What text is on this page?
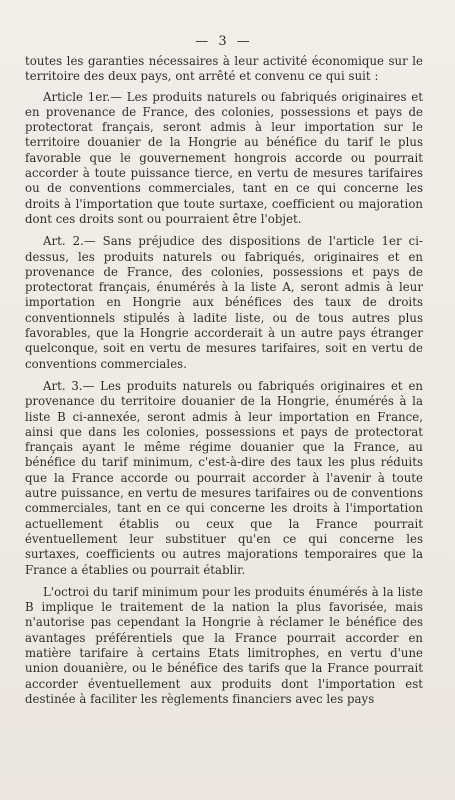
— 3 —

toutes les garanties nécessaires à leur activité économique sur le territoire des deux pays, ont arrêté et convenu ce qui suit :

Article 1er.— Les produits naturels ou fabriqués originaires et en provenance de France, des colonies, possessions et pays de protectorat français, seront admis à leur importation sur le territoire douanier de la Hongrie au bénéfice du tarif le plus favorable que le gouvernement hongrois accorde ou pourrait accorder à toute puissance tierce, en vertu de mesures tarifaires ou de conventions commerciales, tant en ce qui concerne les droits à l'importation que toute surtaxe, coefficient ou majoration dont ces droits sont ou pourraient être l'objet.

Art. 2.— Sans préjudice des dispositions de l'article 1er ci-dessus, les produits naturels ou fabriqués, originaires et en provenance de France, des colonies, possessions et pays de protectorat français, énumérés à la liste A, seront admis à leur importation en Hongrie aux bénéfices des taux de droits conventionnels stipulés à ladite liste, ou de tous autres plus favorables, que la Hongrie accorderait à un autre pays étranger quelconque, soit en vertu de mesures tarifaires, soit en vertu de conventions commerciales.

Art. 3.— Les produits naturels ou fabriqués originaires et en provenance du territoire douanier de la Hongrie, énumérés à la liste B ci-annexée, seront admis à leur importation en France, ainsi que dans les colonies, possessions et pays de protectorat français ayant le même régime douanier que la France, au bénéfice du tarif minimum, c'est-à-dire des taux les plus réduits que la France accorde ou pourrait accorder à l'avenir à toute autre puissance, en vertu de mesures tarifaires ou de conventions commerciales, tant en ce qui concerne les droits à l'importation actuellement établis ou ceux que la France pourrait éventuellement leur substituer qu'en ce qui concerne les surtaxes, coefficients ou autres majorations temporaires que la France a établies ou pourrait établir.

L'octroi du tarif minimum pour les produits énumérés à la liste B implique le traitement de la nation la plus favorisée, mais n'autorise pas cependant la Hongrie à réclamer le bénéfice des avantages préférentiels que la France pourrait accorder en matière tarifaire à certains Etats limitrophes, en vertu d'une union douanière, ou le bénéfice des tarifs que la France pourrait accorder éventuellement aux produits dont l'importation est destinée à faciliter les règlements financiers avec les pays
